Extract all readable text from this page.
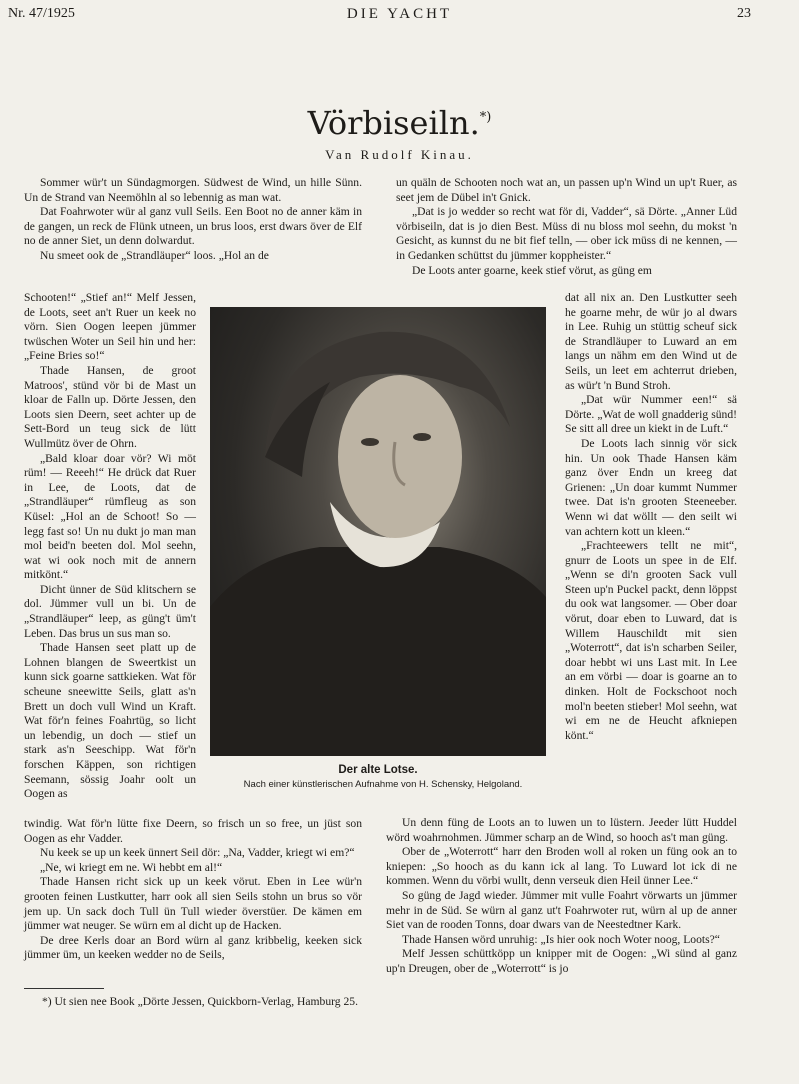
Nr. 47/1925	DIE YACHT	23
Vörbiseiln.*)
Van Rudolf Kinau.

Sommer wür't un Sündagmorgen. Südwest de Wind, un hille Sünn. Un de Strand van Neemöhln al so lebennig as man wat.

Dat Foahrwoter wür al ganz vull Seils. Een Boot no de anner käm in de gangen, un reck de Flünk utneen, un brus loos, erst dwars över de Elf no de anner Siet, un denn dolwardut.

Nu smeet ook de „Strandläuper“ loos. „Hol an de

Schooten!“ „Stief an!“ Melf Jessen, de Loots, seet an't Ruer un keek no vörn. Sien Oogen leepen jümmer twüschen Woter un Seil hin und her: „Feine Bries so!“

Thade Hansen, de groot Matroos', stünd vör bi de Mast un kloar de Falln up. Dörte Jessen, den Loots sien Deern, seet achter up de Sett-Bord un teug sick de lütt Wullmütz över de Ohrn.

„Bald kloar doar vör? Wi möt rüm! — Reeeh!“ He drück dat Ruer in Lee, de Loots, dat de „Strandläuper“ rümfleug as son Küsel: „Hol an de Schoot! So — legg fast so! Un nu dukt jo man man mol beid'n beeten dol. Mol seehn, wat wi ook noch mit de annern mitkönt.“

Dicht ünner de Süd klitschern se dol. Jümmer vull un bi. Un de „Strandläuper“ leep, as güng't üm't Leben. Das brus un sus man so.

Thade Hansen seet platt up de Lohnen blangen de Sweertkist un kunn sick goarne sattkieken. Wat för scheune sneewitte Seils, glatt as'n Brett un doch vull Wind un Kraft. Wat för'n feines Foahrtüg, so licht un lebendig, un doch — stief un stark as'n Seeschipp. Wat för'n forschen Käppen, son richtigen Seemann, sössig Joahr oolt un Oogen as

twindig. Wat för'n lütte fixe Deern, so frisch un so free, un jüst son Oogen as ehr Vadder.

Nu keek se up un keek ünnert Seil dör: „Na, Vadder, kriegt wi em?“

„Ne, wi kriegt em ne. Wi hebbt em al!“

Thade Hansen richt sick up un keek vörut. Eben in Lee wür'n grooten feinen Lustkutter, harr ook all sien Seils stohn un brus so vör jem up. Un sack doch Tull ün Tull wieder överstüer. De kämen em jümmer wat neuger. Se würn em al dicht up de Hacken.

De dree Kerls doar an Bord würn al ganz kribbelig, keeken sick jümmer üm, un keeken wedder no de Seils,

*) Ut sien nee Book „Dörte Jessen, Quickborn-Verlag, Hamburg 25.

un quäln de Schooten noch wat an, un passen up'n Wind un up't Ruer, as seet jem de Dübel in't Gnick.

„Dat is jo wedder so recht wat för di, Vadder“, sä Dörte. „Anner Lüd vörbiseiln, dat is jo dien Best. Müss di nu bloss mol seehn, du mokst 'n Gesicht, as kunnst du ne bit fief telln, — ober ick müss di ne kennen, — in Gedanken schüttst du jümmer koppheister.“

De Loots anter goarne, keek stief vörut, as güng em

dat all nix an. Den Lustkutter seeh he goarne mehr, de wür jo al dwars in Lee. Ruhig un stüttig scheuf sick de Strandläuper to Luward an em langs un nähm em den Wind ut de Seils, un leet em achterrut drieben, as wür't 'n Bund Stroh.

„Dat wür Nummer een!“ sä Dörte. „Wat de woll gnadderig sünd! Se sitt all dree un kiekt in de Luft.“

De Loots lach sinnig vör sick hin. Un ook Thade Hansen käm ganz över Endn un kreeg dat Grienen: „Un doar kummt Nummer twee. Dat is'n grooten Steeneeber. Wenn wi dat wöllt — den seilt wi van achtern kott un kleen.“

„Frachteewers tellt ne mit“, gnurr de Loots un spee in de Elf. „Wenn se di'n grooten Sack vull Steen up'n Puckel packt, denn löppst du ook wat langsomer. — Ober doar vörut, doar eben to Luward, dat is Willem Hauschildt mit sien „Woterrott“, dat is'n scharben Seiler, doar hebbt wi uns Last mit. In Lee an em vörbi — doar is goarne an to dinken. Holt de Fockschoot noch mol'n beeten stieber! Mol seehn, wat wi em ne de Heucht afkniepen könt.“

Un denn füng de Loots an to luwen un to lüstern. Jeeder lütt Huddel wörd woahrnohmen. Jümmer scharp an de Wind, so hooch as't man güng.

Ober de „Woterrott“ harr den Broden woll al roken un füng ook an to kniepen: „So hooch as du kann ick al lang. To Luward lot ick di ne kommen. Wenn du vörbi wullt, denn verseuk dien Heil ünner Lee.“

So güng de Jagd wieder. Jümmer mit vulle Foahrt vörwarts un jümmer mehr in de Süd. Se würn al ganz ut't Foahrwoter rut, würn al up de anner Siet van de rooden Tonns, doar dwars van de Neestedtner Kark.

Thade Hansen wörd unruhig: „Is hier ook noch Woter noog, Loots?“

Melf Jessen schüttköpp un knipper mit de Oogen: „Wi sünd al ganz up'n Dreugen, ober de „Woterrott“ is jo

Der alte Lotse.
Nach einer künstlerischen Aufnahme von H. Schensky, Helgoland.
